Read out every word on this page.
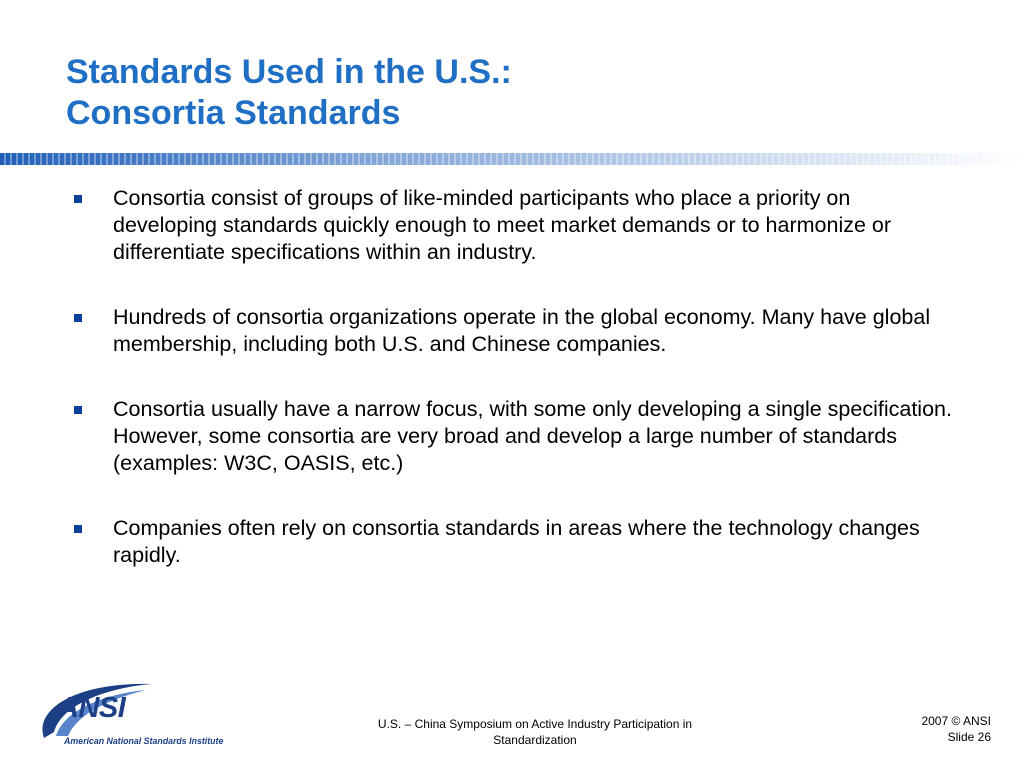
Standards Used in the U.S.:
Consortia Standards
Consortia consist of groups of like-minded participants who place a priority on developing standards quickly enough to meet market demands or to harmonize or differentiate specifications within an industry.
Hundreds of consortia organizations operate in the global economy. Many have global membership, including both U.S. and Chinese companies.
Consortia usually have a narrow focus, with some only developing a single specification. However, some consortia are very broad and develop a large number of standards (examples: W3C, OASIS, etc.)
Companies often rely on consortia standards in areas where the technology changes rapidly.
ANSI
American National Standards Institute
U.S. – China Symposium on Active Industry Participation in
Standardization
2007 © ANSI
Slide 26
